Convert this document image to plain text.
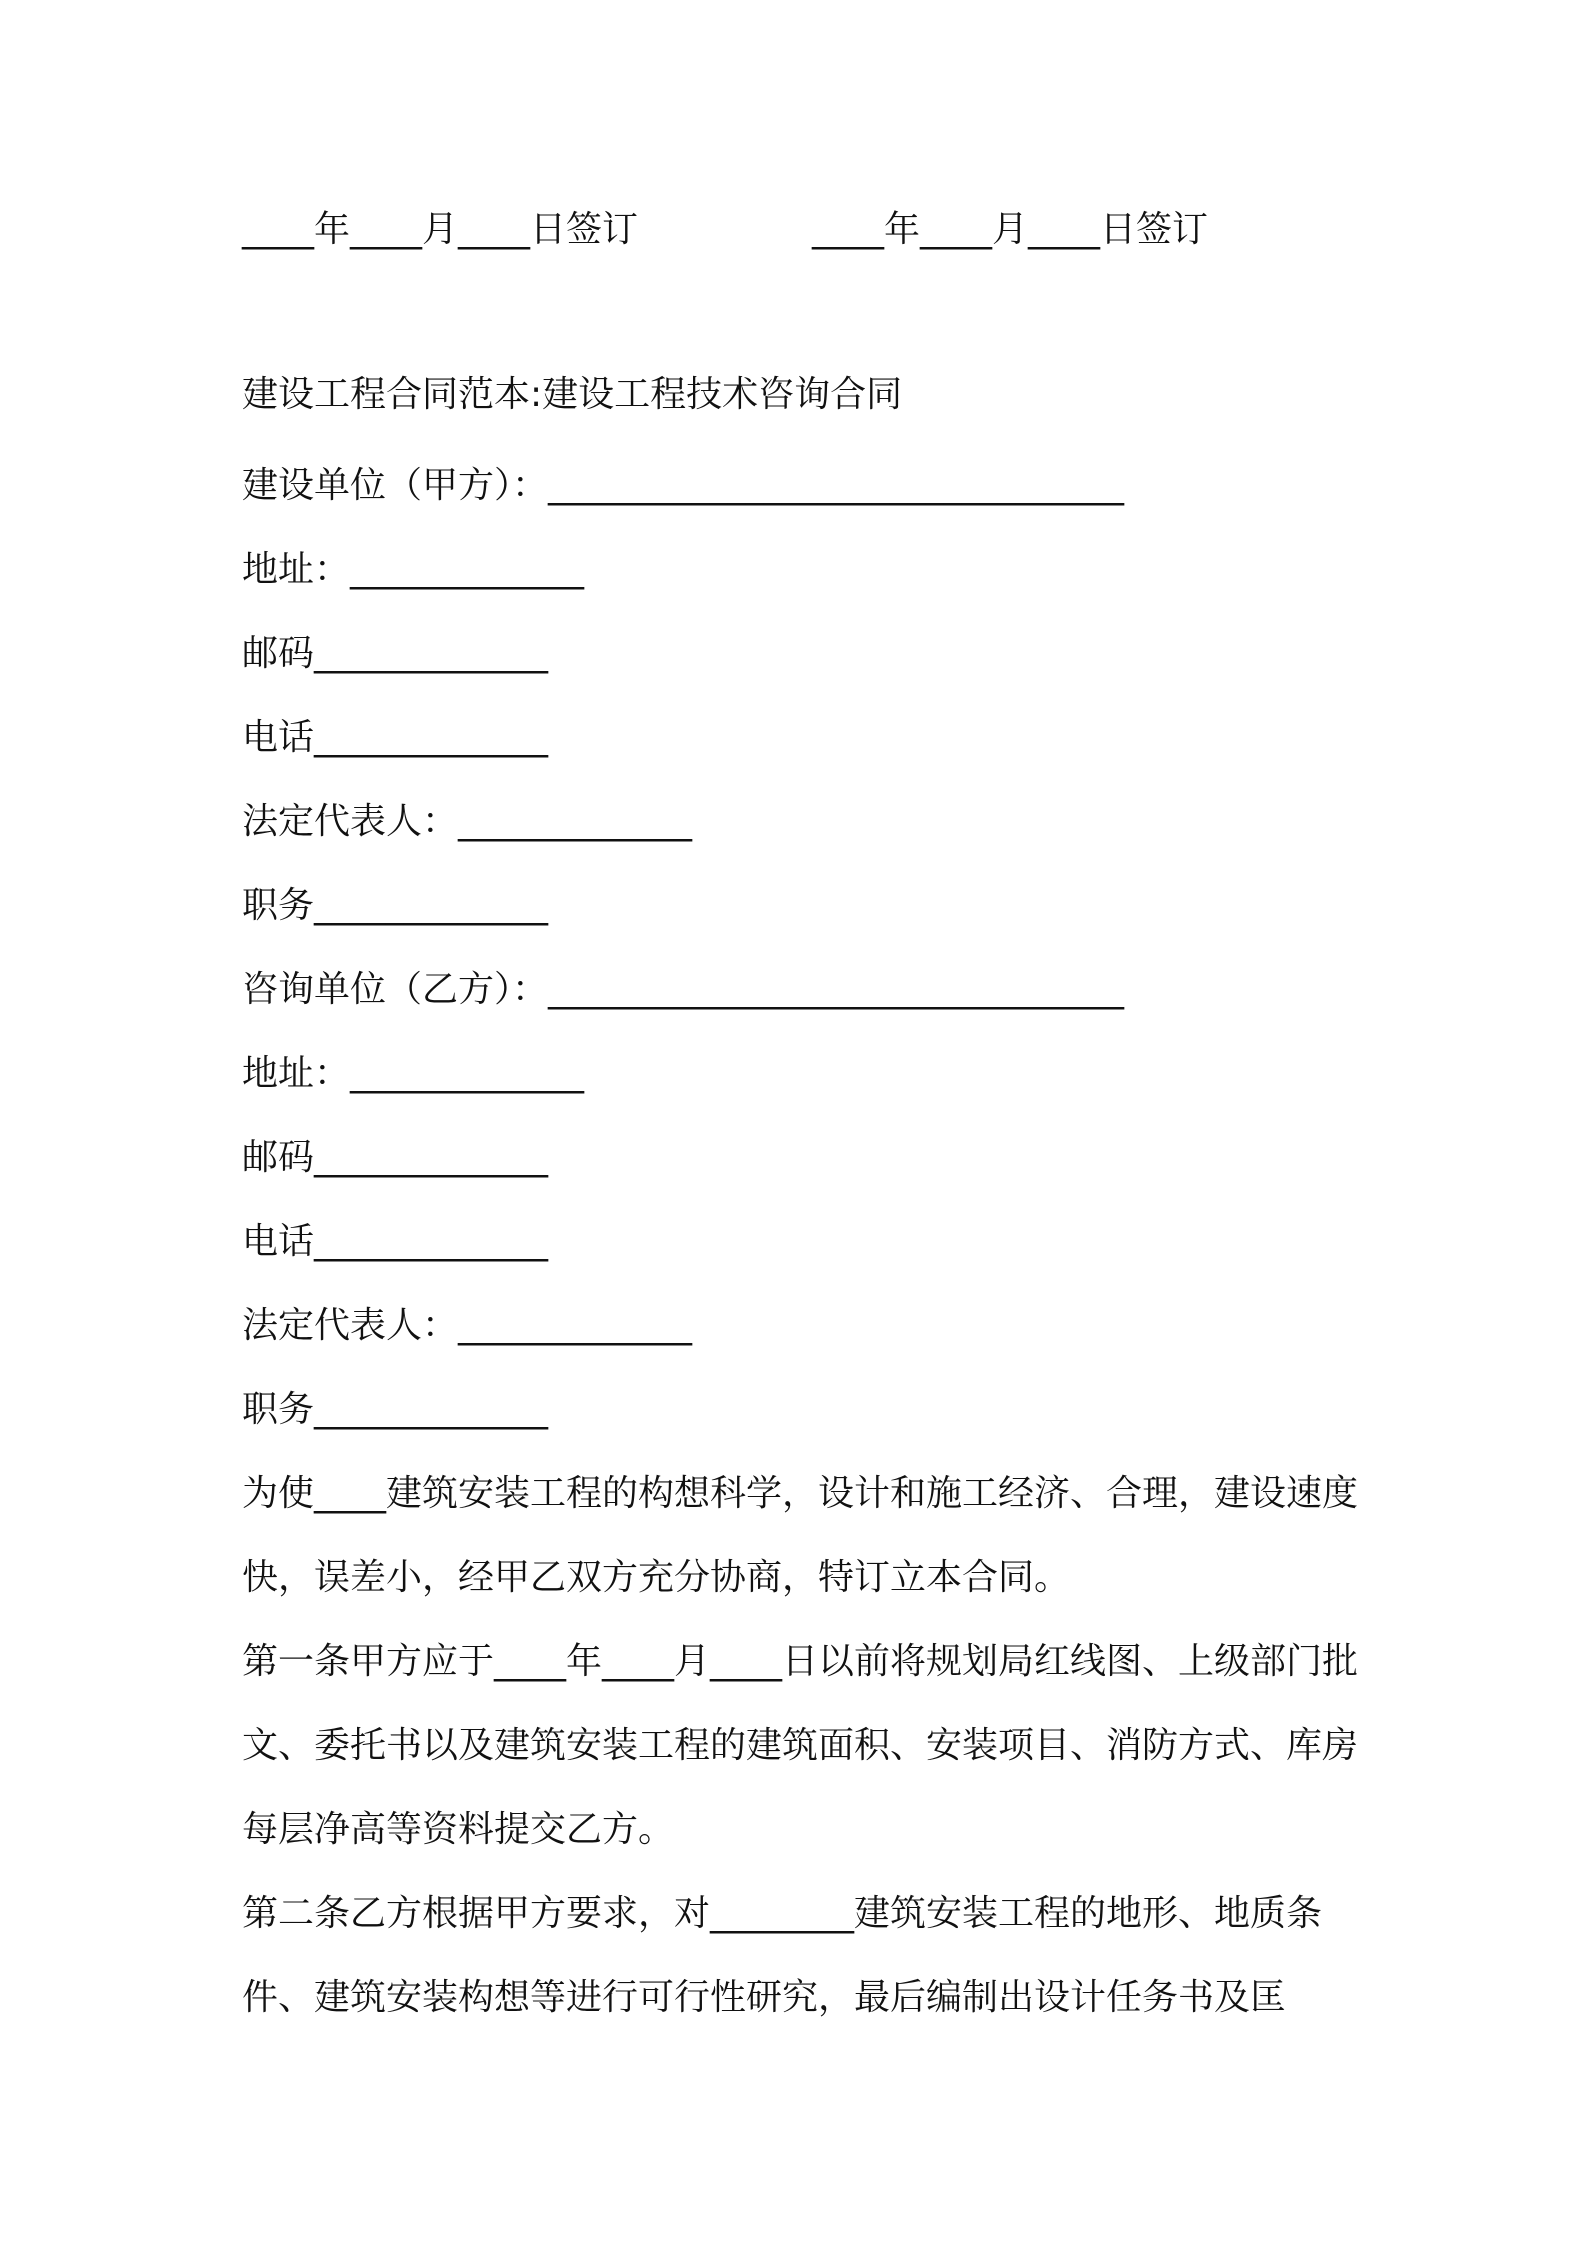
____年____月____日签订	____年____月____日签订
建设工程合同范本:建设工程技术咨询合同

建设单位（甲方）：________________________________

地址：_____________

邮码_____________

电话_____________

法定代表人：_____________

职务_____________

咨询单位（乙方）：________________________________

地址：_____________

邮码_____________

电话_____________

法定代表人：_____________

职务_____________

为使____建筑安装工程的构想科学，设计和施工经济、合理，建设速度快，误差小，经甲乙双方充分协商，特订立本合同。

第一条甲方应于____年____月____日以前将规划局红线图、上级部门批文、委托书以及建筑安装工程的建筑面积、安装项目、消防方式、库房每层净高等资料提交乙方。

第二条乙方根据甲方要求，对________建筑安装工程的地形、地质条件、建筑安装构想等进行可行性研究，最后编制出设计任务书及匡
